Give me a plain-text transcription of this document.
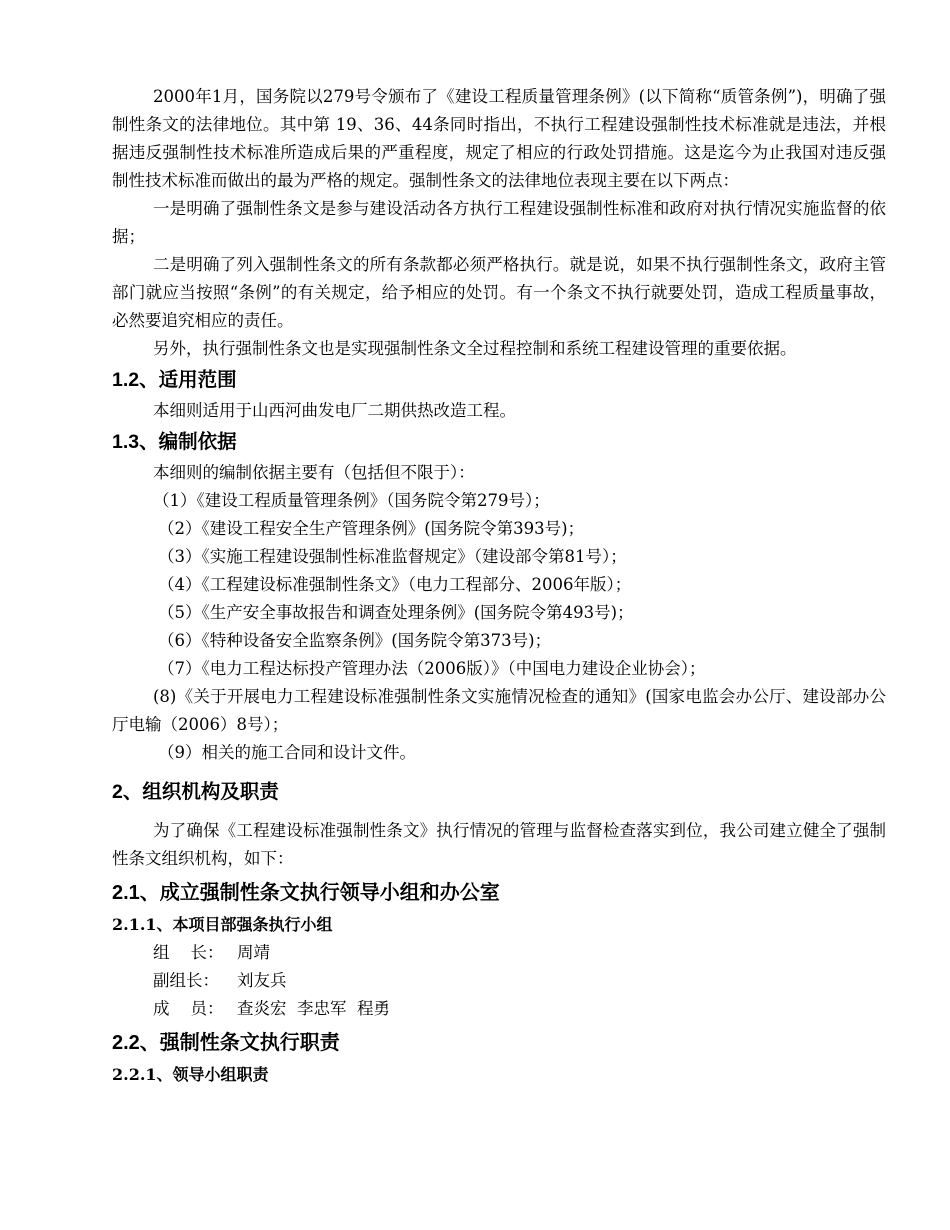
2000年1月，国务院以279号令颁布了《建设工程质量管理条例》(以下简称“质管条例”)，明确了强制性条文的法律地位。其中第 19、36、44条同时指出，不执行工程建设强制性技术标准就是违法，并根据违反强制性技术标准所造成后果的严重程度，规定了相应的行政处罚措施。这是迄今为止我国对违反强制性技术标准而做出的最为严格的规定。强制性条文的法律地位表现主要在以下两点：

一是明确了强制性条文是参与建设活动各方执行工程建设强制性标准和政府对执行情况实施监督的依据；

二是明确了列入强制性条文的所有条款都必须严格执行。就是说，如果不执行强制性条文，政府主管部门就应当按照“条例”的有关规定，给予相应的处罚。有一个条文不执行就要处罚，造成工程质量事故，必然要追究相应的责任。

另外，执行强制性条文也是实现强制性条文全过程控制和系统工程建设管理的重要依据。

1.2、适用范围

本细则适用于山西河曲发电厂二期供热改造工程。

1.3、编制依据

本细则的编制依据主要有（包括但不限于）：

（1）《建设工程质量管理条例》（国务院令第279号）；

（2）《建设工程安全生产管理条例》(国务院令第393号)；

（3）《实施工程建设强制性标准监督规定》（建设部令第81号）；

（4）《工程建设标准强制性条文》（电力工程部分、2006年版）；

（5）《生产安全事故报告和调查处理条例》(国务院令第493号)；

（6）《特种设备安全监察条例》(国务院令第373号)；

（7）《电力工程达标投产管理办法（2006版）》（中国电力建设企业协会）；

(8)《关于开展电力工程建设标准强制性条文实施情况检查的通知》(国家电监会办公厅、建设部办公厅电输（2006）8号）；

（9）相关的施工合同和设计文件。

2、组织机构及职责

为了确保《工程建设标准强制性条文》执行情况的管理与监督检查落实到位，我公司建立健全了强制性条文组织机构，如下：

2.1、成立强制性条文执行领导小组和办公室
2.1.1、本项目部强条执行小组
组    长： 周靖
副组长： 刘友兵
成    员： 查炎宏  李忠军  程勇
2.2、强制性条文执行职责
2.2.1、领导小组职责
